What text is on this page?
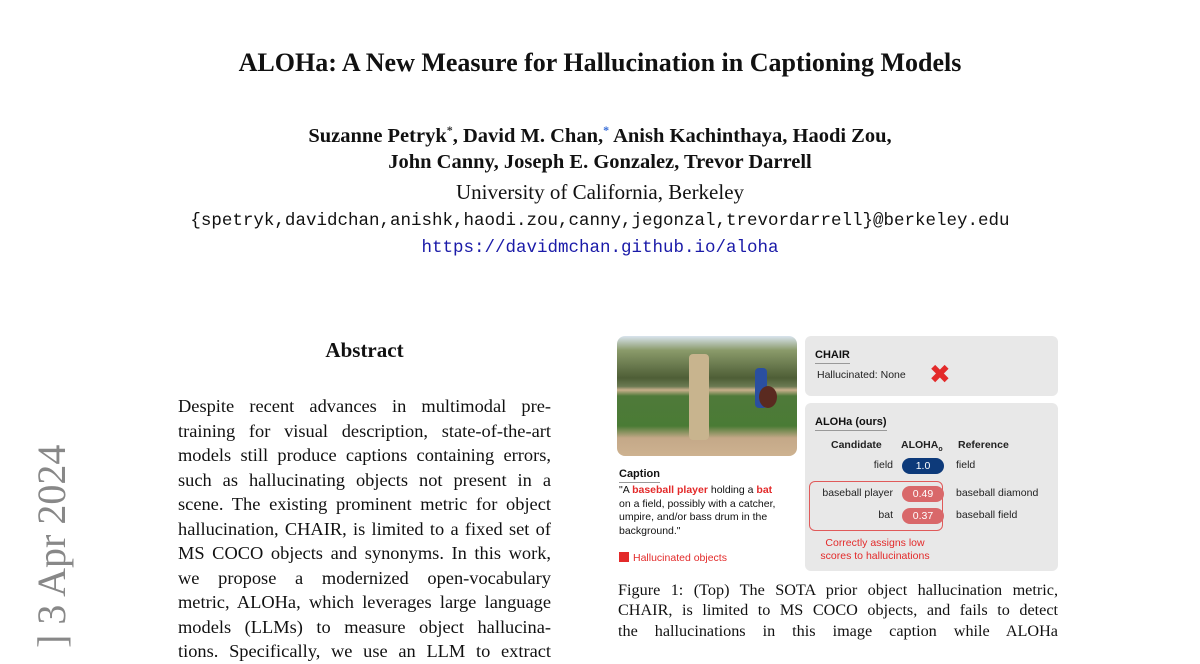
] 3 Apr 2024
ALOHa: A New Measure for Hallucination in Captioning Models
Suzanne Petryk*, David M. Chan,* Anish Kachinthaya, Haodi Zou,
John Canny, Joseph E. Gonzalez, Trevor Darrell
University of California, Berkeley
{spetryk,davidchan,anishk,haodi.zou,canny,jegonzal,trevordarrell}@berkeley.edu
https://davidmchan.github.io/aloha
Abstract
Despite recent advances in multimodal pre-
training for visual description, state-of-the-art
models still produce captions containing errors,
such as hallucinating objects not present in a
scene. The existing prominent metric for object
hallucination, CHAIR, is limited to a fixed set of
MS COCO objects and synonyms. In this work,
we propose a modernized open-vocabulary
metric, ALOHa, which leverages large language
models (LLMs) to measure object hallucina-
tions. Specifically, we use an LLM to extract
Caption
"A baseball player holding a bat
on a field, possibly with a catcher,
umpire, and/or bass drum in the
background."
Hallucinated objects
CHAIR
Hallucinated: None ✖
ALOHa (ours)
Candidate $ALOHA_o$ Reference
field	1.0	field
baseball player	0.49	baseball diamond
bat	0.37	baseball field
Correctly assigns low
scores to hallucinations
Figure 1: (Top) The SOTA prior object hallucination metric,
CHAIR, is limited to MS COCO objects, and fails to detect
the hallucinations in this image caption while ALOHa
